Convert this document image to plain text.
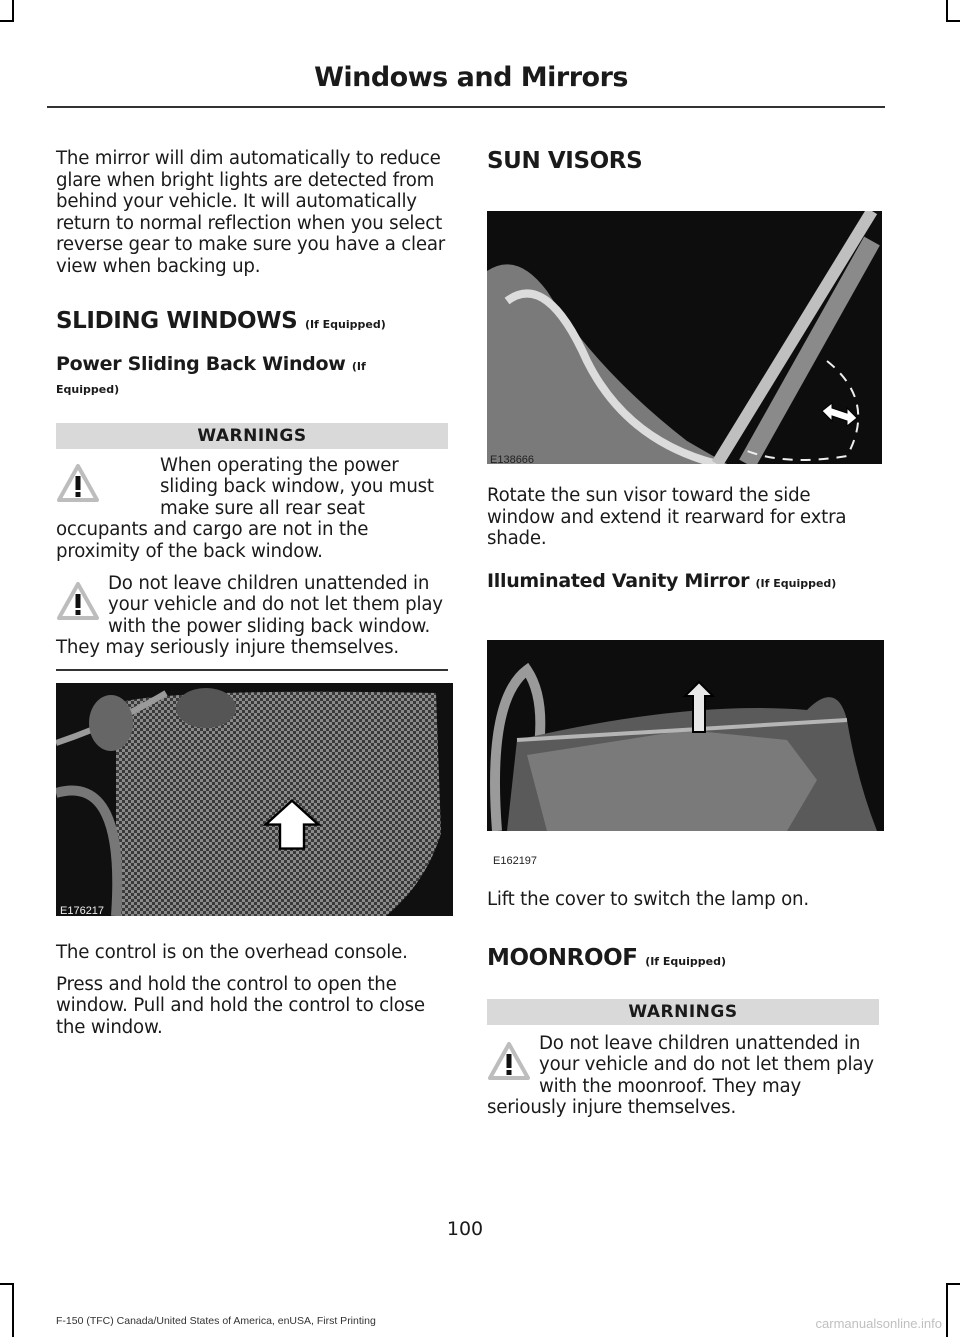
Windows and Mirrors

The mirror will dim automatically to reduce glare when bright lights are detected from behind your vehicle. It will automatically return to normal reflection when you select reverse gear to make sure you have a clear view when backing up.

SLIDING WINDOWS (If Equipped)
Power Sliding Back Window (If
Equipped)
WARNINGS
When operating the power sliding back window, you must make sure all rear seat occupants and cargo are not in the proximity of the back window.
Do not leave children unattended in your vehicle and do not let them play with the power sliding back window. They may seriously injure themselves.
E176217

The control is on the overhead console.

Press and hold the control to open the window. Pull and hold the control to close the window.

SUN VISORS
E138666

Rotate the sun visor toward the side window and extend it rearward for extra shade.

Illuminated Vanity Mirror (If Equipped)
E162197

Lift the cover to switch the lamp on.

MOONROOF (If Equipped)
WARNINGS
Do not leave children unattended in your vehicle and do not let them play with the moonroof. They may seriously injure themselves.
100
F-150 (TFC) Canada/United States of America, enUSA, First Printing	carmanualsonline.info
